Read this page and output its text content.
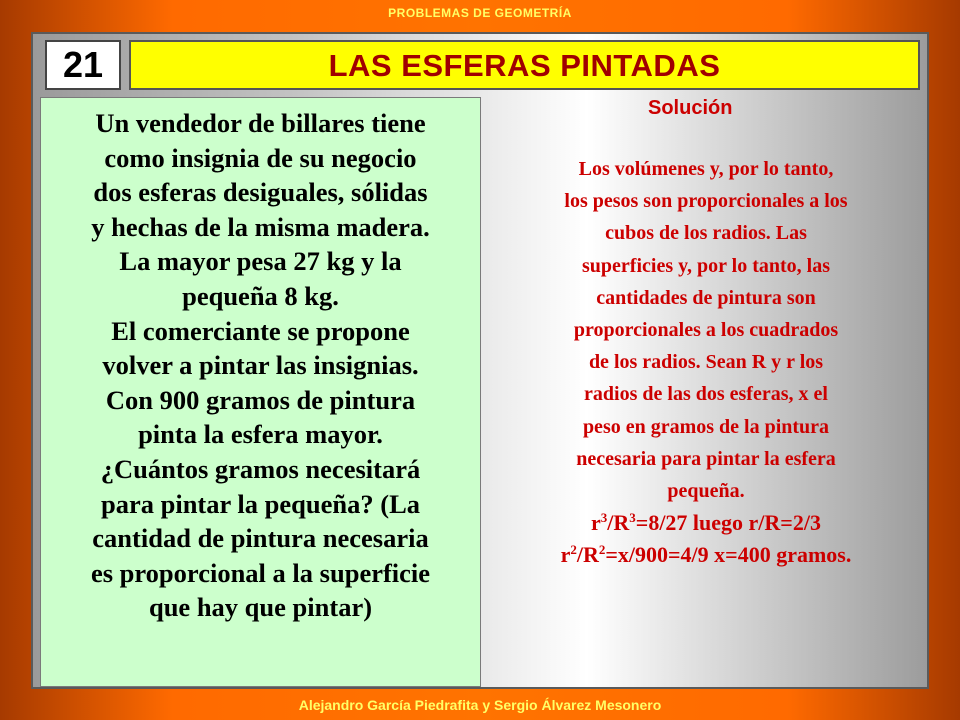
PROBLEMAS DE GEOMETRÍA
21	LAS ESFERAS PINTADAS
Un vendedor de billares tiene
como insignia de su negocio
dos esferas desiguales, sólidas
y hechas de la misma madera.
La mayor pesa 27 kg y la
pequeña 8 kg.
El comerciante se propone
volver a pintar las insignias.
Con 900 gramos de pintura
pinta la esfera mayor.
¿Cuántos gramos necesitará
para pintar la pequeña? (La
cantidad de pintura necesaria
es proporcional a la superficie
que hay que pintar)
Solución
Los volúmenes y, por lo tanto,
los pesos son proporcionales a los
cubos de los radios. Las
superficies y, por lo tanto, las
cantidades de pintura son
proporcionales a los cuadrados
de los radios. Sean R y r los
radios de las dos esferas, x el
peso en gramos de la pintura
necesaria para pintar la esfera
pequeña.
$r^3/R^3=8/27$ luego r/R=2/3
$r^2/R^2=x/900=4/9$ x=400 gramos.
Alejandro García Piedrafita y Sergio Álvarez Mesonero
